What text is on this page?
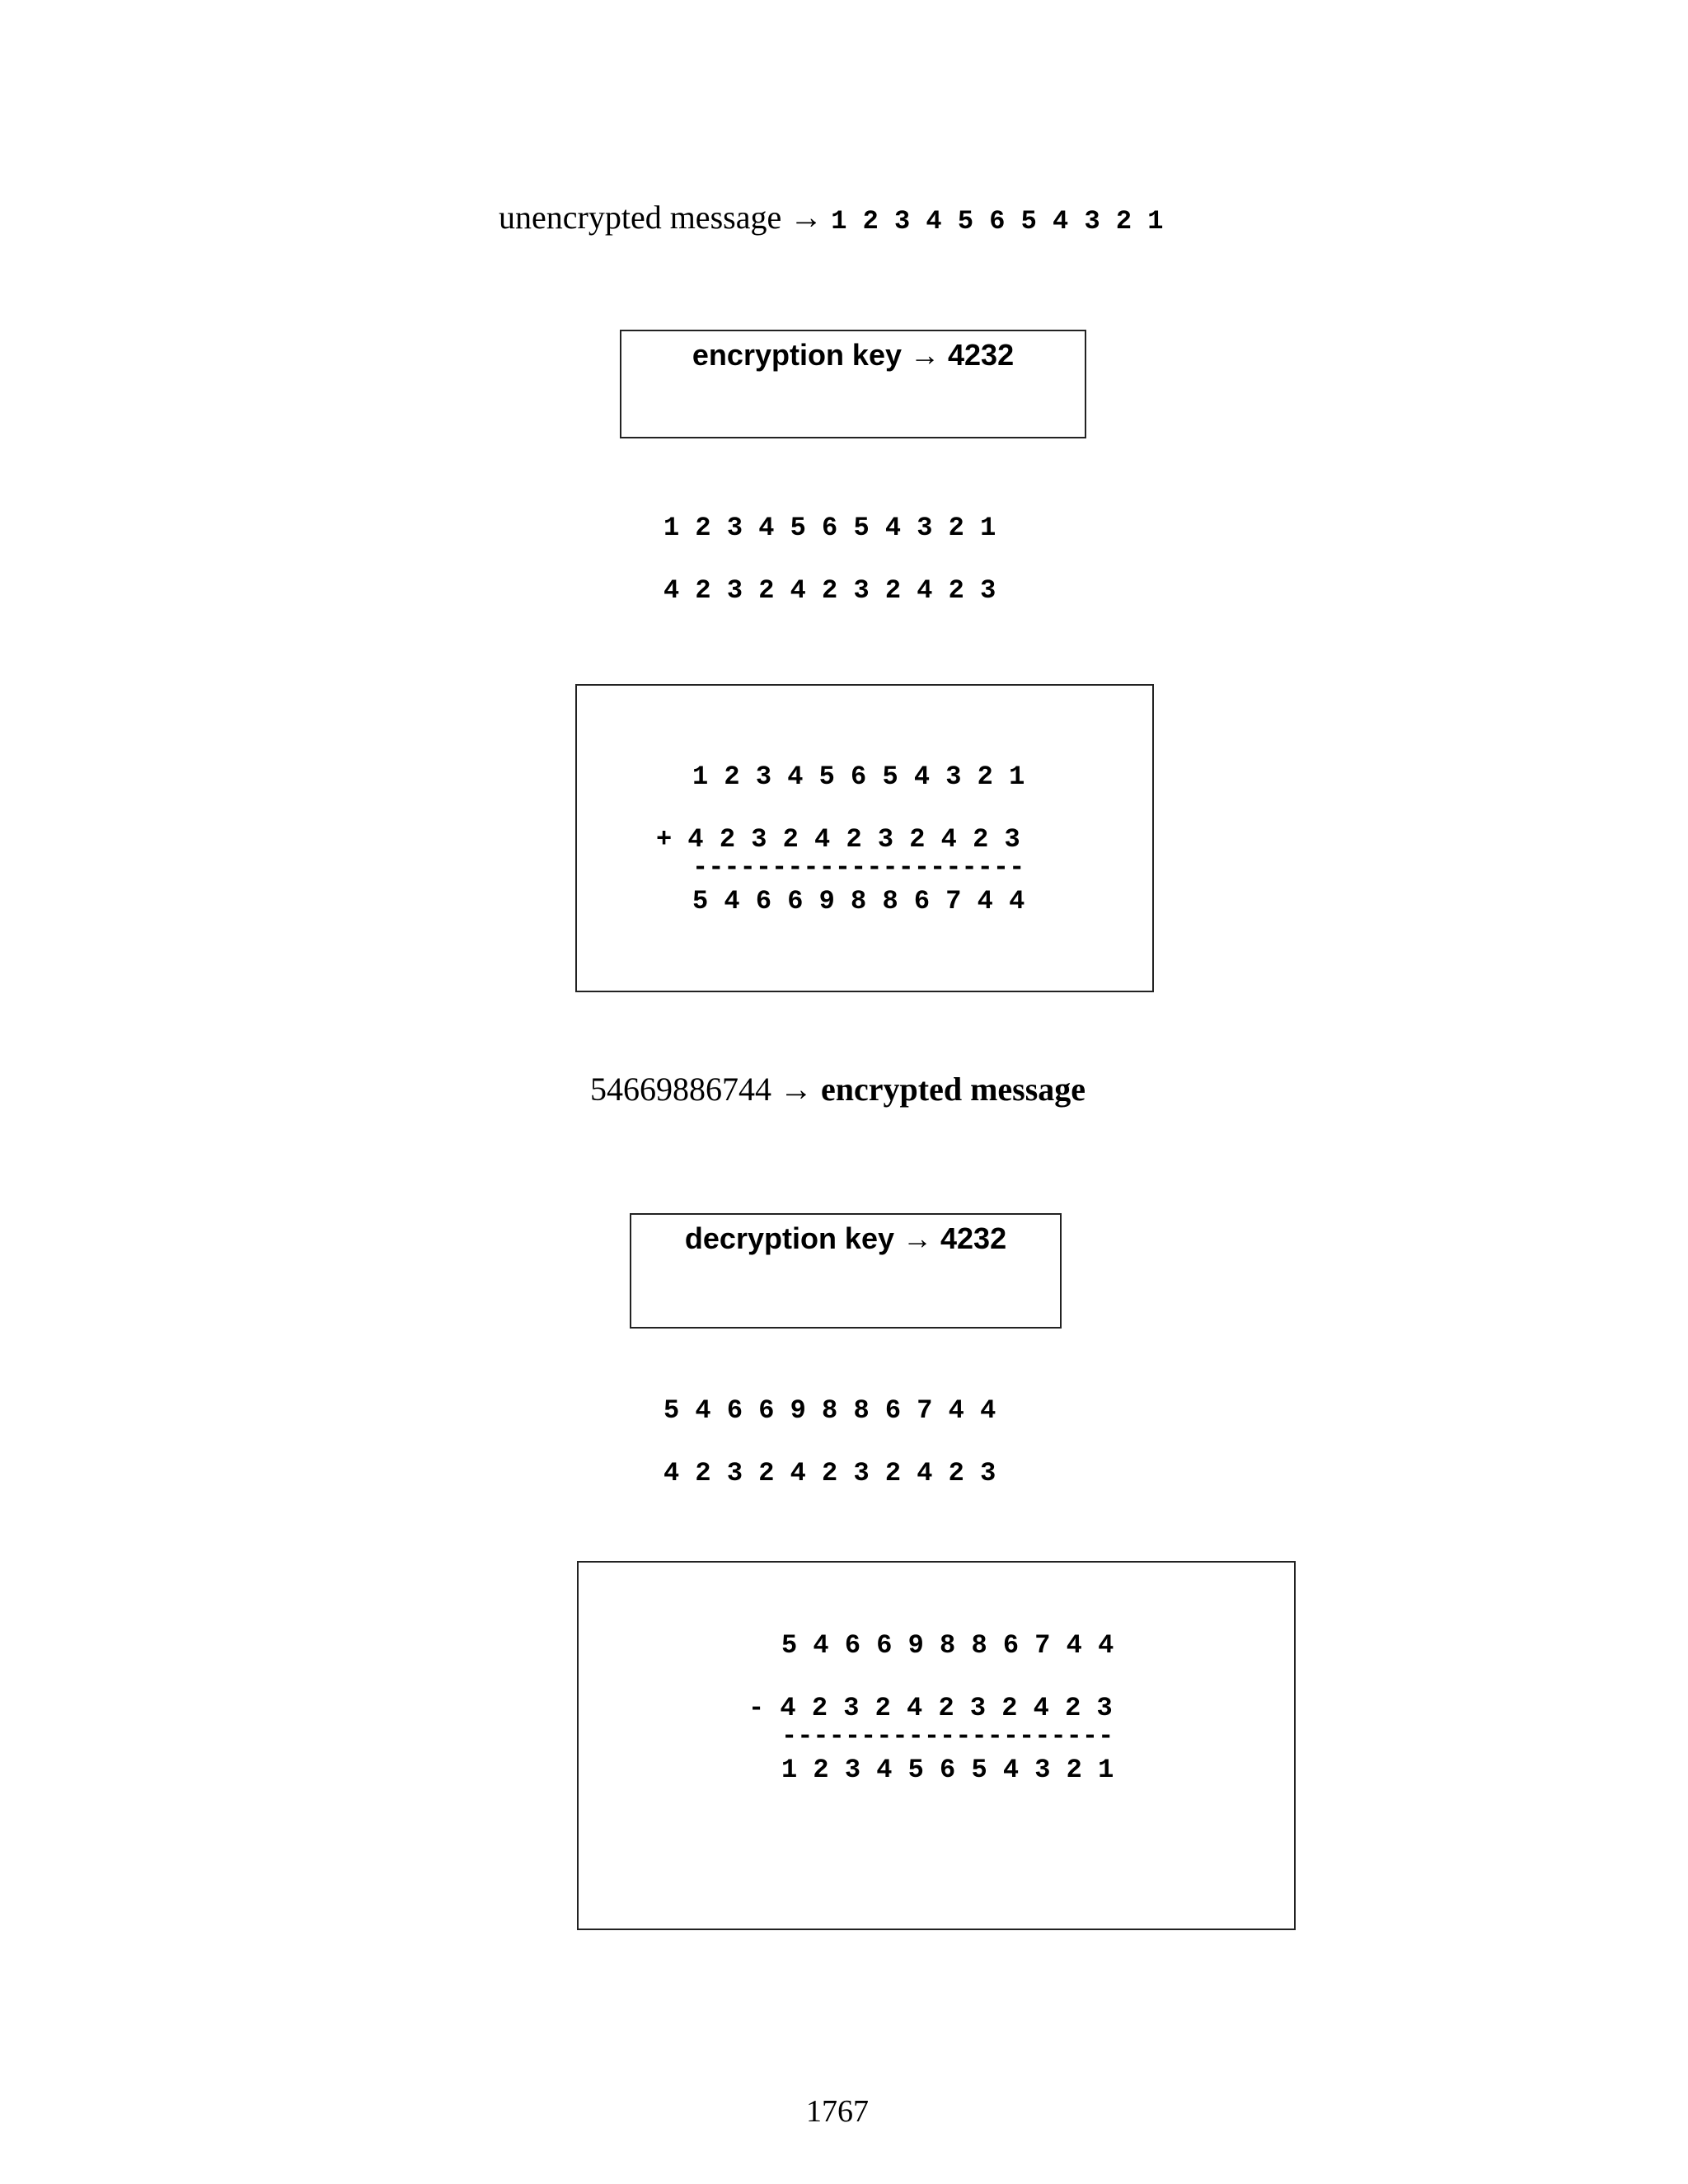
unencrypted message → 1 2 3 4 5 6 5 4 3 2 1
encryption key → 4232
1 2 3 4 5 6 5 4 3 2 1
4 2 3 2 4 2 3 2 4 2 3
1 2 3 4 5 6 5 4 3 2 1
+ 4 2 3 2 4 2 3 2 4 2 3
---------------------
5 4 6 6 9 8 8 6 7 4 4
54669886744 → encrypted message
decryption key → 4232
5 4 6 6 9 8 8 6 7 4 4
4 2 3 2 4 2 3 2 4 2 3
5 4 6 6 9 8 8 6 7 4 4
- 4 2 3 2 4 2 3 2 4 2 3
---------------------
1 2 3 4 5 6 5 4 3 2 1
1767
